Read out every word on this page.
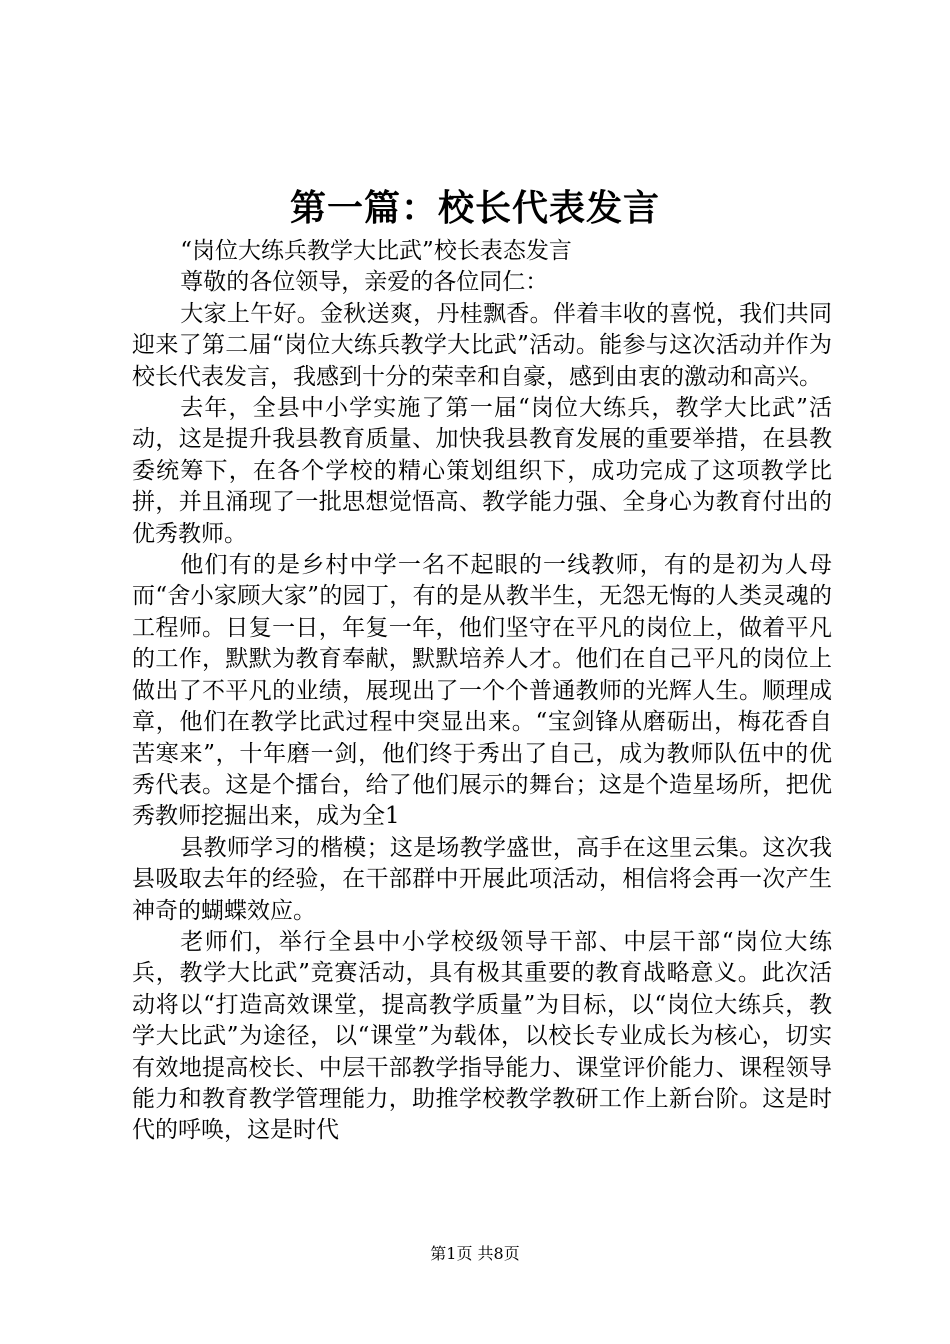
第一篇：校长代表发言

“岗位大练兵教学大比武”校长表态发言

尊敬的各位领导，亲爱的各位同仁：

大家上午好。金秋送爽，丹桂飘香。伴着丰收的喜悦，我们共同迎来了第二届“岗位大练兵教学大比武”活动。能参与这次活动并作为校长代表发言，我感到十分的荣幸和自豪，感到由衷的激动和高兴。

去年，全县中小学实施了第一届“岗位大练兵，教学大比武”活动，这是提升我县教育质量、加快我县教育发展的重要举措，在县教委统筹下，在各个学校的精心策划组织下，成功完成了这项教学比拼，并且涌现了一批思想觉悟高、教学能力强、全身心为教育付出的优秀教师。

他们有的是乡村中学一名不起眼的一线教师，有的是初为人母而“舍小家顾大家”的园丁，有的是从教半生，无怨无悔的人类灵魂的工程师。日复一日，年复一年，他们坚守在平凡的岗位上，做着平凡的工作，默默为教育奉献，默默培养人才。他们在自己平凡的岗位上做出了不平凡的业绩，展现出了一个个普通教师的光辉人生。顺理成章，他们在教学比武过程中突显出来。“宝剑锋从磨砺出，梅花香自苦寒来”，十年磨一剑，他们终于秀出了自己，成为教师队伍中的优秀代表。这是个擂台，给了他们展示的舞台；这是个造星场所，把优秀教师挖掘出来，成为全1

县教师学习的楷模；这是场教学盛世，高手在这里云集。这次我县吸取去年的经验，在干部群中开展此项活动，相信将会再一次产生神奇的蝴蝶效应。

老师们，举行全县中小学校级领导干部、中层干部“岗位大练兵，教学大比武”竞赛活动，具有极其重要的教育战略意义。此次活动将以“打造高效课堂，提高教学质量”为目标，以“岗位大练兵，教学大比武”为途径，以“课堂”为载体，以校长专业成长为核心，切实有效地提高校长、中层干部教学指导能力、课堂评价能力、课程领导能力和教育教学管理能力，助推学校教学教研工作上新台阶。这是时代的呼唤，这是时代

第1页 共8页
